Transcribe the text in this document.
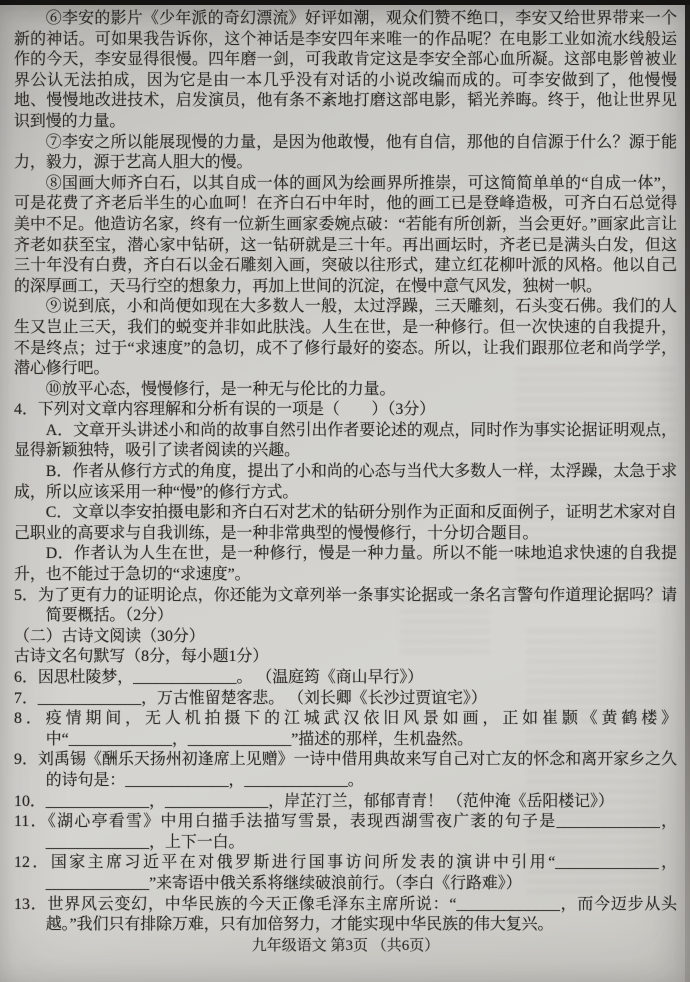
⑥李安的影片《少年派的奇幻漂流》好评如潮，观众们赞不绝口，李安又给世界带来一个新的神话。可如果我告诉你，这个神话是李安四年来唯一的作品呢？在电影工业如流水线般运作的今天，李安显得很慢。四年磨一剑，可我敢肯定这是李安全部心血所凝。这部电影曾被业界公认无法拍成，因为它是由一本几乎没有对话的小说改编而成的。可李安做到了，他慢慢地、慢慢地改进技术，启发演员，他有条不紊地打磨这部电影，韬光养晦。终于，他让世界见识到慢的力量。

⑦李安之所以能展现慢的力量，是因为他敢慢，他有自信，那他的自信源于什么？源于能力，毅力，源于艺高人胆大的慢。

⑧国画大师齐白石，以其自成一体的画风为绘画界所推崇，可这简简单单的“自成一体”，可是花费了齐老后半生的心血呵！在齐白石中年时，他的画工已是登峰造极，可齐白石总觉得美中不足。他造访名家，终有一位新生画家委婉点破：“若能有所创新，当会更好。”画家此言让齐老如获至宝，潜心家中钻研，这一钻研就是三十年。再出画坛时，齐老已是满头白发，但这三十年没有白费，齐白石以金石雕刻入画，突破以往形式，建立红花柳叶派的风格。他以自己的深厚画工，天马行空的想象力，再加上世间的沉淀，在慢中意气风发，独树一帜。

⑨说到底，小和尚便如现在大多数人一般，太过浮躁，三天雕刻，石头变石佛。我们的人生又岂止三天，我们的蜕变并非如此肤浅。人生在世，是一种修行。但一次快速的自我提升，不是终点；过于“求速度”的急切，成不了修行最好的姿态。所以，让我们跟那位老和尚学学，潜心修行吧。

⑩放平心态，慢慢修行，是一种无与伦比的力量。

4．下列对文章内容理解和分析有误的一项是（　　）（3分）

A．文章开头讲述小和尚的故事自然引出作者要论述的观点，同时作为事实论据证明观点，显得新颖独特，吸引了读者阅读的兴趣。

B．作者从修行方式的角度，提出了小和尚的心态与当代大多数人一样，太浮躁，太急于求成，所以应该采用一种“慢”的修行方式。

C．文章以李安拍摄电影和齐白石对艺术的钻研分别作为正面和反面例子，证明艺术家对自己职业的高要求与自我训练，是一种非常典型的慢慢修行，十分切合题目。

D．作者认为人生在世，是一种修行，慢是一种力量。所以不能一味地追求快速的自我提升，也不能过于急切的“求速度”。

5．为了更有力的证明论点，你还能为文章列举一条事实论据或一条名言警句作道理论据吗？请简要概括。（2分）

（二）古诗文阅读（30分）

古诗文名句默写（8分，每小题1分）

6．因思杜陵梦，_____________。 （温庭筠《商山早行》）

7．_____________，万古惟留楚客悲。 （刘长卿《长沙过贾谊宅》）

8．疫情期间，无人机拍摄下的江城武汉依旧风景如画，正如崔颢《黄鹤楼》中“_____________，_____________”描述的那样，生机盎然。

9．刘禹锡《酬乐天扬州初逢席上见赠》一诗中借用典故来写自己对亡友的怀念和离开家乡之久的诗句是：_____________，_____________。

10．_____________，_____________，岸芷汀兰，郁郁青青！ （范仲淹《岳阳楼记》）

11．《湖心亭看雪》中用白描手法描写雪景，表现西湖雪夜广袤的句子是_____________，_____________，上下一白。

12．国家主席习近平在对俄罗斯进行国事访问所发表的演讲中引用“_____________，_____________”来寄语中俄关系将继续破浪前行。（李白《行路难》）

13．世界风云变幻，中华民族的今天正像毛泽东主席所说：“_____________，而今迈步从头越。”我们只有排除万难，只有加倍努力，才能实现中华民族的伟大复兴。

九年级语文 第3页 （共6页）
